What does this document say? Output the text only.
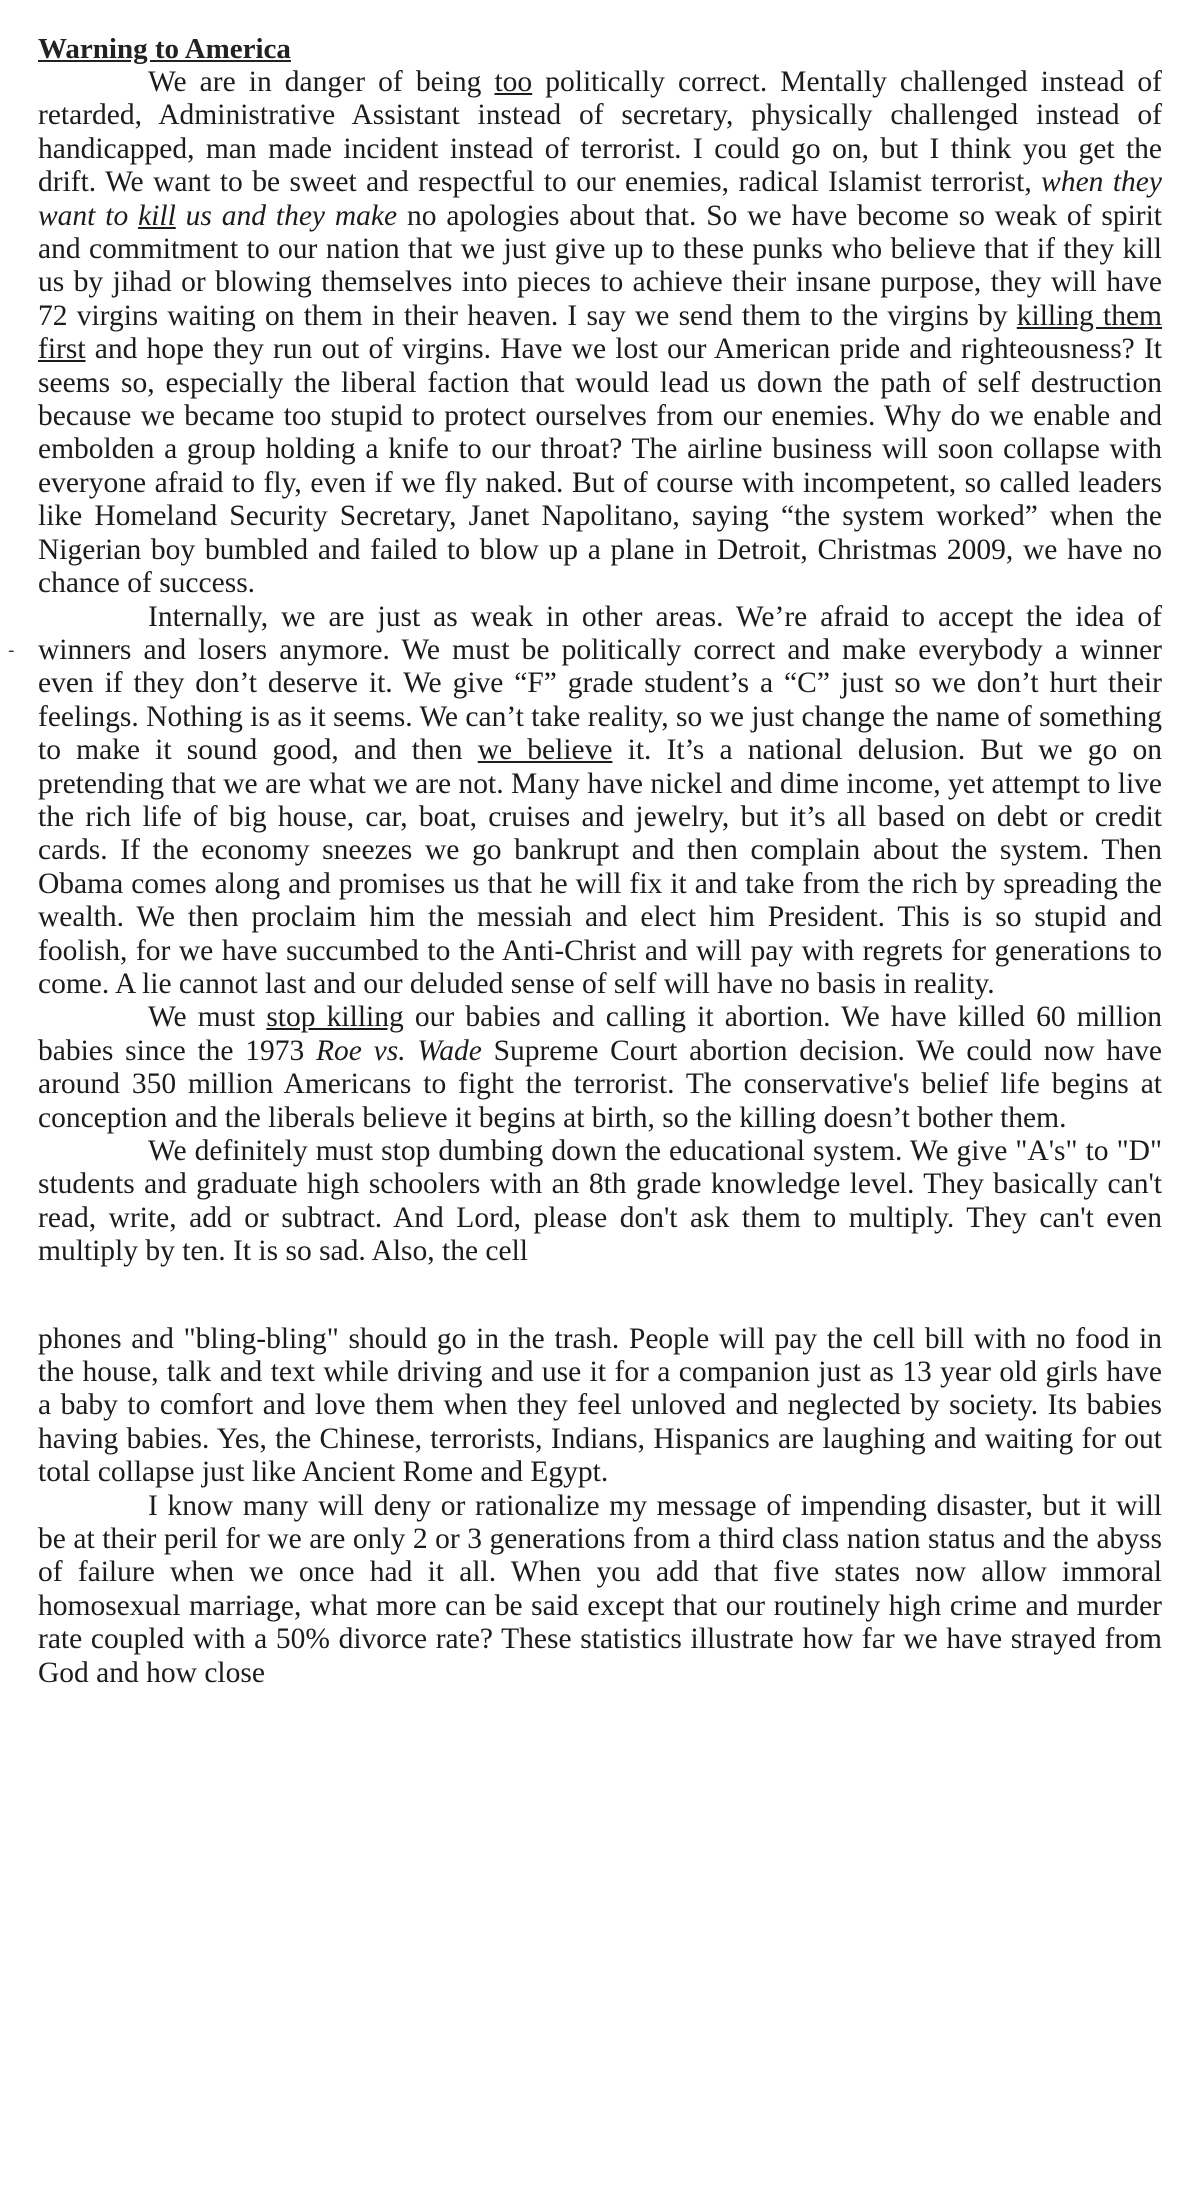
-
Warning to America

We are in danger of being too politically correct. Mentally challenged instead of retarded, Administrative Assistant instead of secretary, physically challenged instead of handicapped, man made incident instead of terrorist. I could go on, but I think you get the drift. We want to be sweet and respectful to our enemies, radical Islamist terrorist, when they want to kill us and they make no apologies about that. So we have become so weak of spirit and commitment to our nation that we just give up to these punks who believe that if they kill us by jihad or blowing themselves into pieces to achieve their insane purpose, they will have 72 virgins waiting on them in their heaven. I say we send them to the virgins by killing them first and hope they run out of virgins. Have we lost our American pride and righteousness? It seems so, especially the liberal faction that would lead us down the path of self destruction because we became too stupid to protect ourselves from our enemies. Why do we enable and embolden a group holding a knife to our throat? The airline business will soon collapse with everyone afraid to fly, even if we fly naked. But of course with incompetent, so called leaders like Homeland Security Secretary, Janet Napolitano, saying “the system worked” when the Nigerian boy bumbled and failed to blow up a plane in Detroit, Christmas 2009, we have no chance of success.

Internally, we are just as weak in other areas. We’re afraid to accept the idea of winners and losers anymore. We must be politically correct and make everybody a winner even if they don’t deserve it. We give “F” grade student’s a “C” just so we don’t hurt their feelings. Nothing is as it seems. We can’t take reality, so we just change the name of something to make it sound good, and then we believe it. It’s a national delusion. But we go on pretending that we are what we are not. Many have nickel and dime income, yet attempt to live the rich life of big house, car, boat, cruises and jewelry, but it’s all based on debt or credit cards. If the economy sneezes we go bankrupt and then complain about the system. Then Obama comes along and promises us that he will fix it and take from the rich by spreading the wealth. We then proclaim him the messiah and elect him President. This is so stupid and foolish, for we have succumbed to the Anti-Christ and will pay with regrets for generations to come. A lie cannot last and our deluded sense of self will have no basis in reality.

We must stop killing our babies and calling it abortion. We have killed 60 million babies since the 1973 Roe vs. Wade Supreme Court abortion decision. We could now have around 350 million Americans to fight the terrorist. The conservative's belief life begins at conception and the liberals believe it begins at birth, so the killing doesn’t bother them.

We definitely must stop dumbing down the educational system. We give "A's" to "D" students and graduate high schoolers with an 8th grade knowledge level. They basically can't read, write, add or subtract. And Lord, please don't ask them to multiply. They can't even multiply by ten. It is so sad. Also, the cell

phones and "bling-bling" should go in the trash. People will pay the cell bill with no food in the house, talk and text while driving and use it for a companion just as 13 year old girls have a baby to comfort and love them when they feel unloved and neglected by society. Its babies having babies. Yes, the Chinese, terrorists, Indians, Hispanics are laughing and waiting for out total collapse just like Ancient Rome and Egypt.

I know many will deny or rationalize my message of impending disaster, but it will be at their peril for we are only 2 or 3 generations from a third class nation status and the abyss of failure when we once had it all. When you add that five states now allow immoral homosexual marriage, what more can be said except that our routinely high crime and murder rate coupled with a 50% divorce rate? These statistics illustrate how far we have strayed from God and how close
